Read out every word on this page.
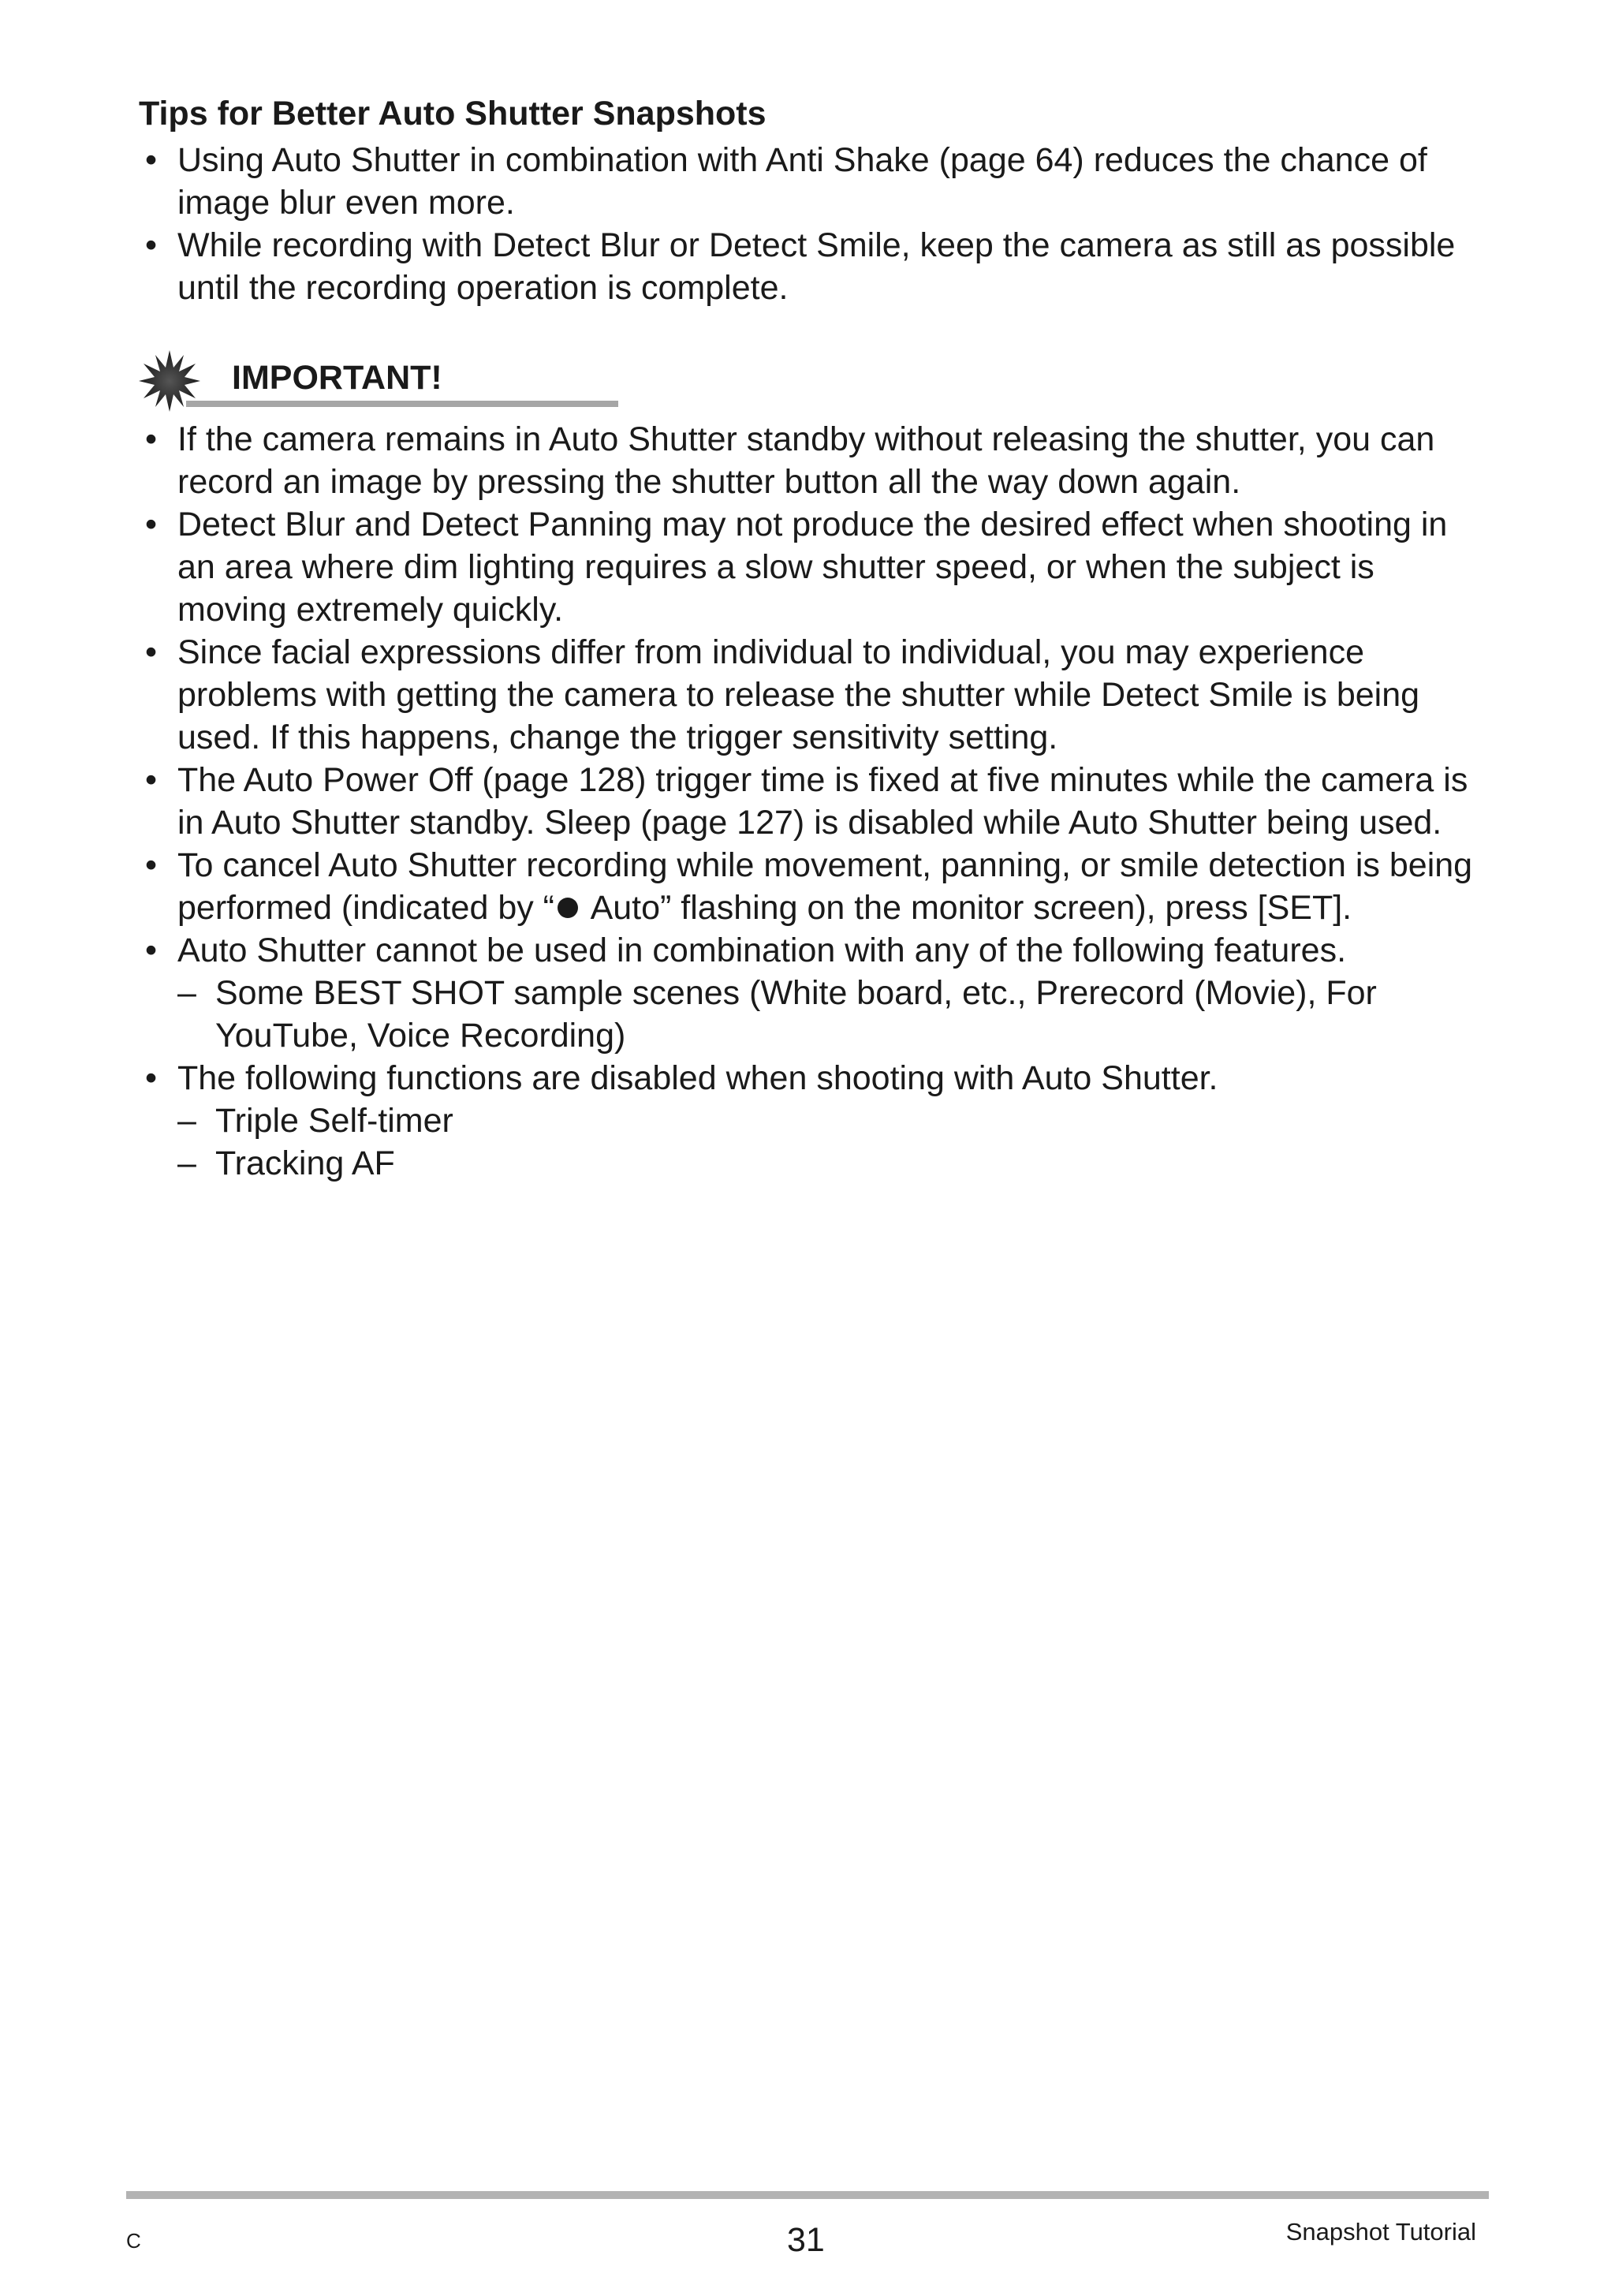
Tips for Better Auto Shutter Snapshots
• Using Auto Shutter in combination with Anti Shake (page 64) reduces the chance of image blur even more.
• While recording with Detect Blur or Detect Smile, keep the camera as still as possible until the recording operation is complete.
IMPORTANT!
• If the camera remains in Auto Shutter standby without releasing the shutter, you can record an image by pressing the shutter button all the way down again.
• Detect Blur and Detect Panning may not produce the desired effect when shooting in an area where dim lighting requires a slow shutter speed, or when the subject is moving extremely quickly.
• Since facial expressions differ from individual to individual, you may experience problems with getting the camera to release the shutter while Detect Smile is being used. If this happens, change the trigger sensitivity setting.
• The Auto Power Off (page 128) trigger time is fixed at five minutes while the camera is in Auto Shutter standby. Sleep (page 127) is disabled while Auto Shutter being used.
• To cancel Auto Shutter recording while movement, panning, or smile detection is being performed (indicated by “ Auto” flashing on the monitor screen), press [SET].
• Auto Shutter cannot be used in combination with any of the following features.
– Some BEST SHOT sample scenes (White board, etc., Prerecord (Movie), For YouTube, Voice Recording)
• The following functions are disabled when shooting with Auto Shutter.
– Triple Self-timer
– Tracking AF
C	31	Snapshot Tutorial
